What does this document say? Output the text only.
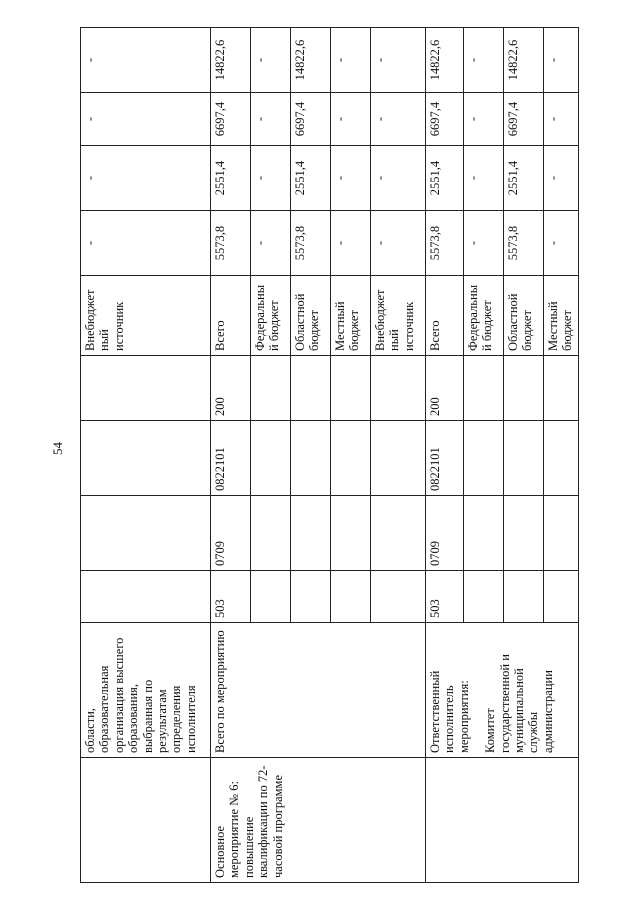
54
	области, образовательная организация высшего образования, выбранная по результатам определения исполнителя					Внебюджет ный источник	-	-	-	-
Основное мероприятие № 6: повышение квалификации по 72-часовой программе	Всего по мероприятию	503	0709	0822101	200	Всего	5573,8	2551,4	6697,4	14822,6
						Федеральны й бюджет	-	-	-	-
						Областной бюджет	5573,8	2551,4	6697,4	14822,6
						Местный бюджет	-	-	-	-
						Внебюджет ный источник	-	-	-	-

	Ответственный исполнитель мероприятия: Комитет государственной и муниципальной службы администрации	503	0709	0822101	200	Всего	5573,8	2551,4	6697,4	14822,6
						Федеральны й бюджет	-	-	-	-
						Областной бюджет	5573,8	2551,4	6697,4	14822,6
						Местный бюджет	-	-	-	-
